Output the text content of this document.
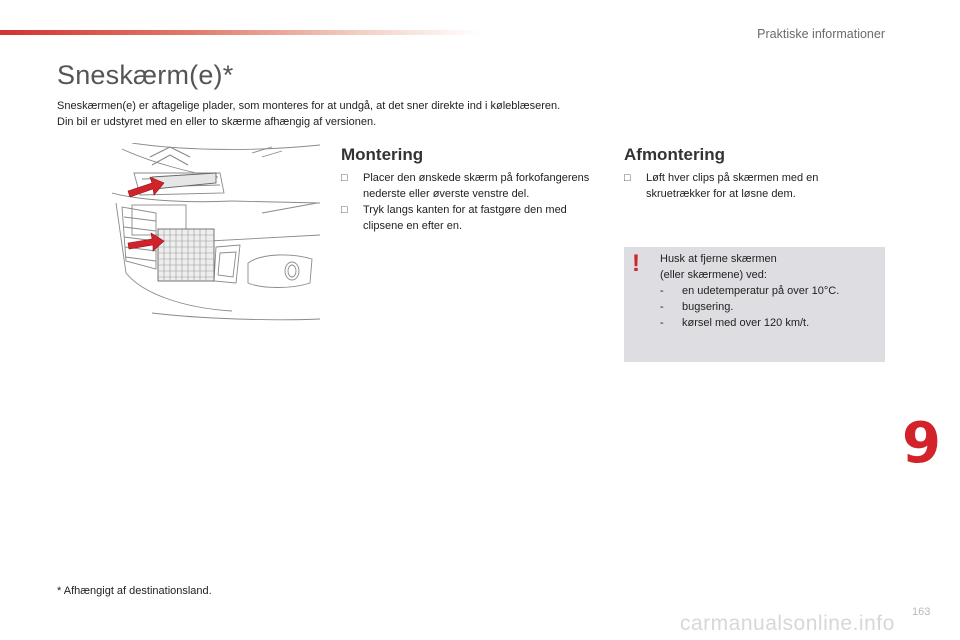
Praktiske informationer
Sneskærm(e)*
Sneskærmen(e) er aftagelige plader, som monteres for at undgå, at det sner direkte ind i køleblæseren.
Din bil er udstyret med en eller to skærme afhængig af versionen.
Montering
□ Placer den ønskede skærm på forkofangerens nederste eller øverste venstre del.
□ Tryk langs kanten for at fastgøre den med clipsene en efter en.
Afmontering
□ Løft hver clips på skærmen med en skruetrækker for at løsne dem.
! Husk at fjerne skærmen
(eller skærmene) ved:
- en udetemperatur på over 10°C.
- bugsering.
- kørsel med over 120 km/t.
9
* Afhængigt af destinationsland.
163
carmanualsonline.info
